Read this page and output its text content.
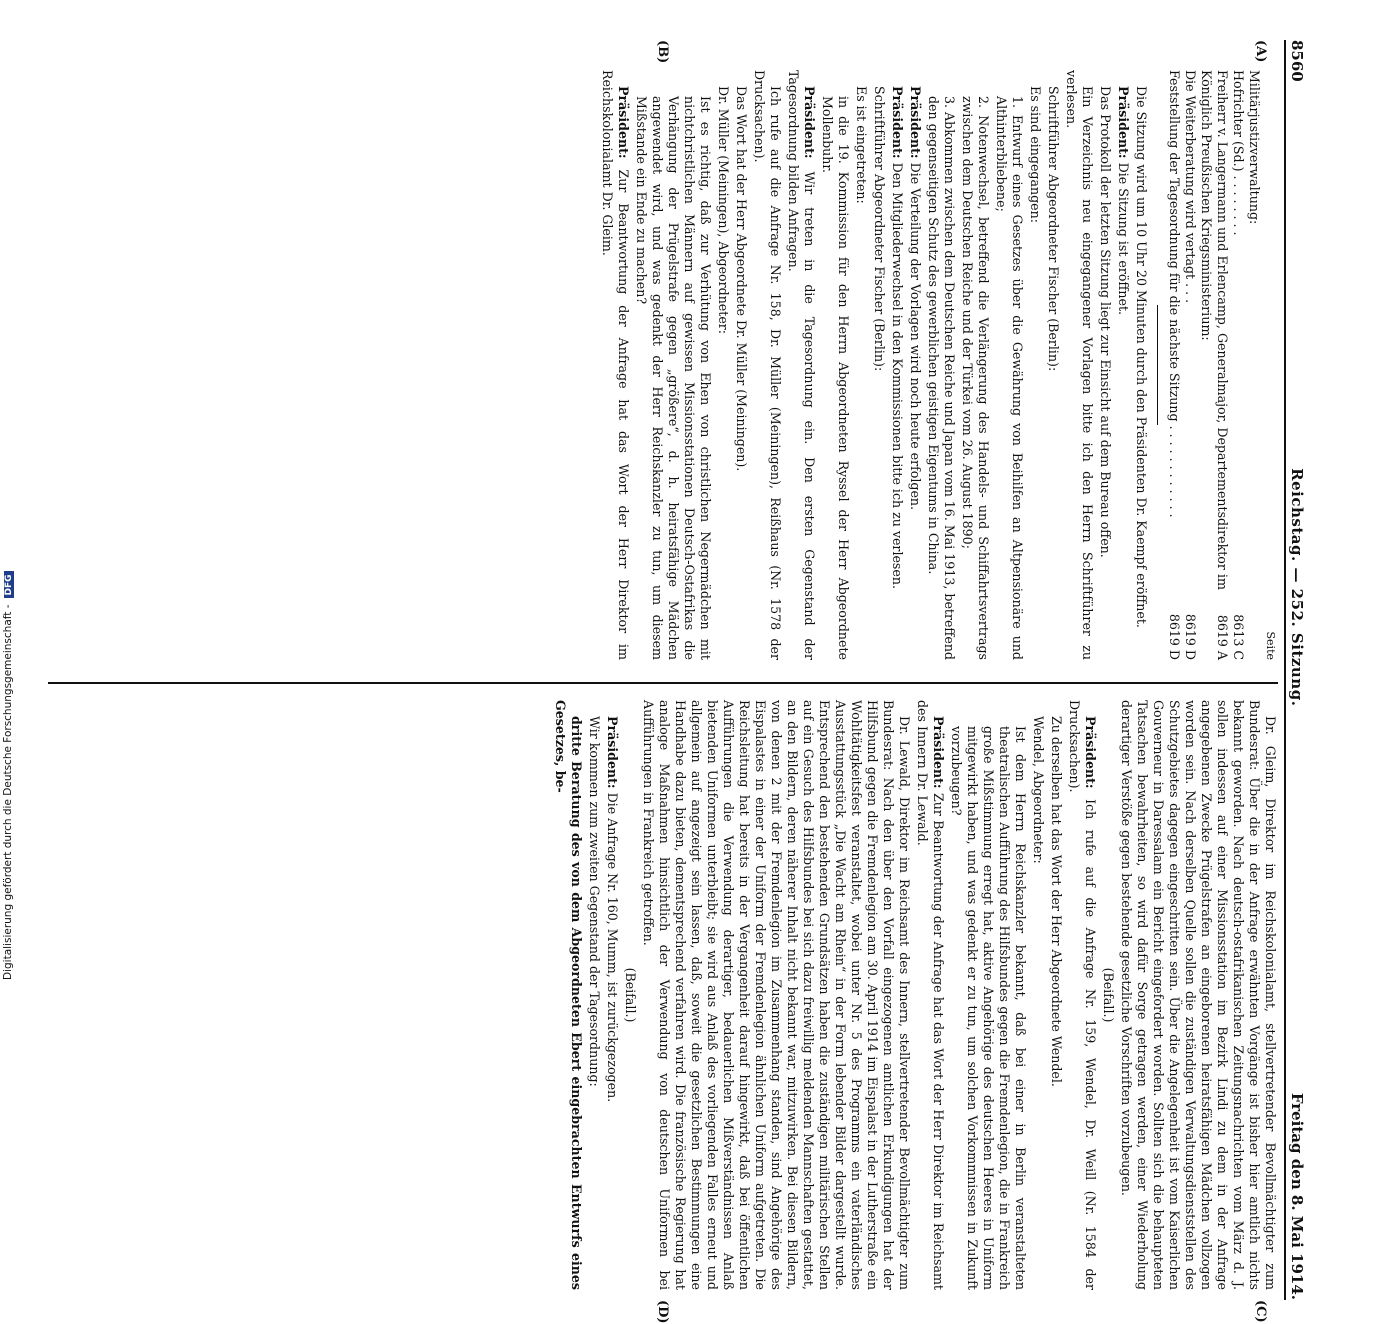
8560
Reichstag. — 252. Sitzung.
Freitag den 8. Mai 1914.
(A)
(B)
(C)
(D)
Seite
Militärjustizverwaltung:
Hofrichter (Sd.) . . . . . . . .
8613 C
Freiherr v. Langermann und Erlencamp, Generalmajor, Departementsdirektor im Königlich Preußischen Kriegsministerium:
8619 A
Die Weiterberatung wird vertagt . . .
8619 D
Feststellung der Tagesordnung für die nächste Sitzung . . . . . . . . . . . .
8619 D

Die Sitzung wird um 10 Uhr 20 Minuten durch den Präsidenten Dr. Kaempf eröffnet.

Präsident: Die Sitzung ist eröffnet.

Das Protokoll der letzten Sitzung liegt zur Einsicht auf dem Bureau offen.

Ein Verzeichnis neu eingegangener Vorlagen bitte ich den Herrn Schriftführer zu verlesen.

Schriftführer Abgeordneter Fischer (Berlin):

Es sind eingegangen:

1. Entwurf eines Gesetzes über die Gewährung von Beihilfen an Altpensionäre und Althinterbliebene;

2. Notenwechsel, betreffend die Verlängerung des Handels- und Schiffahrtsvertrags zwischen dem Deutschen Reiche und der Türkei vom 26. August 1890;

3. Abkommen zwischen dem Deutschen Reiche und Japan vom 16. Mai 1913, betreffend den gegenseitigen Schutz des gewerblichen geistigen Eigentums in China.

Präsident: Die Verteilung der Vorlagen wird noch heute erfolgen.

Präsident: Den Mitgliederwechsel in den Kommissionen bitte ich zu verlesen.

Schriftführer Abgeordneter Fischer (Berlin):

Es ist eingetreten:

in die 19. Kommission für den Herrn Abgeordneten Ryssel der Herr Abgeordnete Mollenbuhr.

Präsident: Wir treten in die Tagesordnung ein. Den ersten Gegenstand der Tagesordnung bilden Anfragen.

Ich rufe auf die Anfrage Nr. 158, Dr. Müller (Meiningen), Reißhaus (Nr. 1578 der Drucksachen).

Das Wort hat der Herr Abgeordnete Dr. Müller (Meiningen).

Dr. Müller (Meiningen), Abgeordneter:

Ist es richtig, daß zur Verhütung von Ehen von christlichen Negermädchen mit nichtchristlichen Männern auf gewissen Missionsstationen Deutsch-Ostafrikas die Verhängung der Prügelstrafe gegen „größere“, d. h. heiratsfähige Mädchen angewendet wird, und was gedenkt der Herr Reichskanzler zu tun, um diesem Mißstande ein Ende zu machen?

Präsident: Zur Beantwortung der Anfrage hat das Wort der Herr Direktor im Reichskolonialamt Dr. Gleim.

Dr. Gleim, Direktor im Reichskolonialamt, stellvertretender Bevollmächtigter zum Bundesrat: Über die in der Anfrage erwähnten Vorgänge ist bisher hier amtlich nichts bekannt geworden. Nach deutsch-ostafrikanischen Zeitungsnachrichten vom März d. J. sollen indessen auf einer Missionsstation im Bezirk Lindi zu dem in der Anfrage angegebenen Zwecke Prügelstrafen an eingeborenen heiratsfähigen Mädchen vollzogen worden sein. Nach derselben Quelle sollen die zuständigen Verwaltungsdienststellen des Schutzgebietes dagegen eingeschritten sein. Über die Angelegenheit ist vom Kaiserlichen Gouverneur in Daressalam ein Bericht eingefordert worden. Sollten sich die behaupteten Tatsachen bewahrheiten, so wird dafür Sorge getragen werden, einer Wiederholung derartiger Verstöße gegen bestehende gesetzliche Vorschriften vorzubeugen.

(Beifall.)

Präsident: Ich rufe auf die Anfrage Nr. 159, Wendel, Dr. Weill (Nr. 1584 der Drucksachen).

Zu derselben hat das Wort der Herr Abgeordnete Wendel.

Wendel, Abgeordneter:

Ist dem Herrn Reichskanzler bekannt, daß bei einer in Berlin veranstalteten theatralischen Aufführung des Hilfsbundes gegen die Fremdenlegion, die in Frankreich große Mißstimmung erregt hat, aktive Angehörige des deutschen Heeres in Uniform mitgewirkt haben, und was gedenkt er zu tun, um solchen Vorkommnissen in Zukunft vorzubeugen?

Präsident: Zur Beantwortung der Anfrage hat das Wort der Herr Direktor im Reichsamt des Innern Dr. Lewald.

Dr. Lewald, Direktor im Reichsamt des Innern, stellvertretender Bevollmächtigter zum Bundesrat: Nach den über den Vorfall eingezogenen amtlichen Erkundigungen hat der Hilfsbund gegen die Fremdenlegion am 30. April 1914 im Eispalast in der Lutherstraße ein Wohltätigkeitsfest veranstaltet, wobei unter Nr. 5 des Programms ein vaterländisches Ausstattungsstück „Die Wacht am Rhein“ in der Form lebender Bilder dargestellt wurde. Entsprechend den bestehenden Grundsätzen haben die zuständigen militärischen Stellen auf ein Gesuch des Hilfsbundes bei sich dazu freiwillig meldenden Mannschaften gestattet, an den Bildern, deren näherer Inhalt nicht bekannt war, mitzuwirken. Bei diesen Bildern, von denen 2 mit der Fremdenlegion im Zusammenhang standen, sind Angehörige des Eispalastes in einer der Uniform der Fremdenlegion ähnlichen Uniform aufgetreten. Die Reichsleitung hat bereits in der Vergangenheit darauf hingewirkt, daß bei öffentlichen Aufführungen die Verwendung derartiger, bedauerlichen Mißverständnissen Anlaß bietenden Uniformen unterbleibt; sie wird aus Anlaß des vorliegenden Falles erneut und allgemein auf angezeigt sein lassen, daß, soweit die gesetzlichen Bestimmungen eine Handhabe dazu bieten, dementsprechend verfahren wird. Die französische Regierung hat analoge Maßnahmen hinsichtlich der Verwendung von deutschen Uniformen bei Aufführungen in Frankreich getroffen.

(Beifall.)

Präsident: Die Anfrage Nr. 160, Mumm, ist zurückgezogen.

Wir kommen zum zweiten Gegenstand der Tagesordnung:

dritte Beratung des von dem Abgeordneten Ebert eingebrachten Entwurfs eines Gesetzes, be-

Digitalisierung gefördert durch die Deutsche Forschungsgemeinschaft -DFG
